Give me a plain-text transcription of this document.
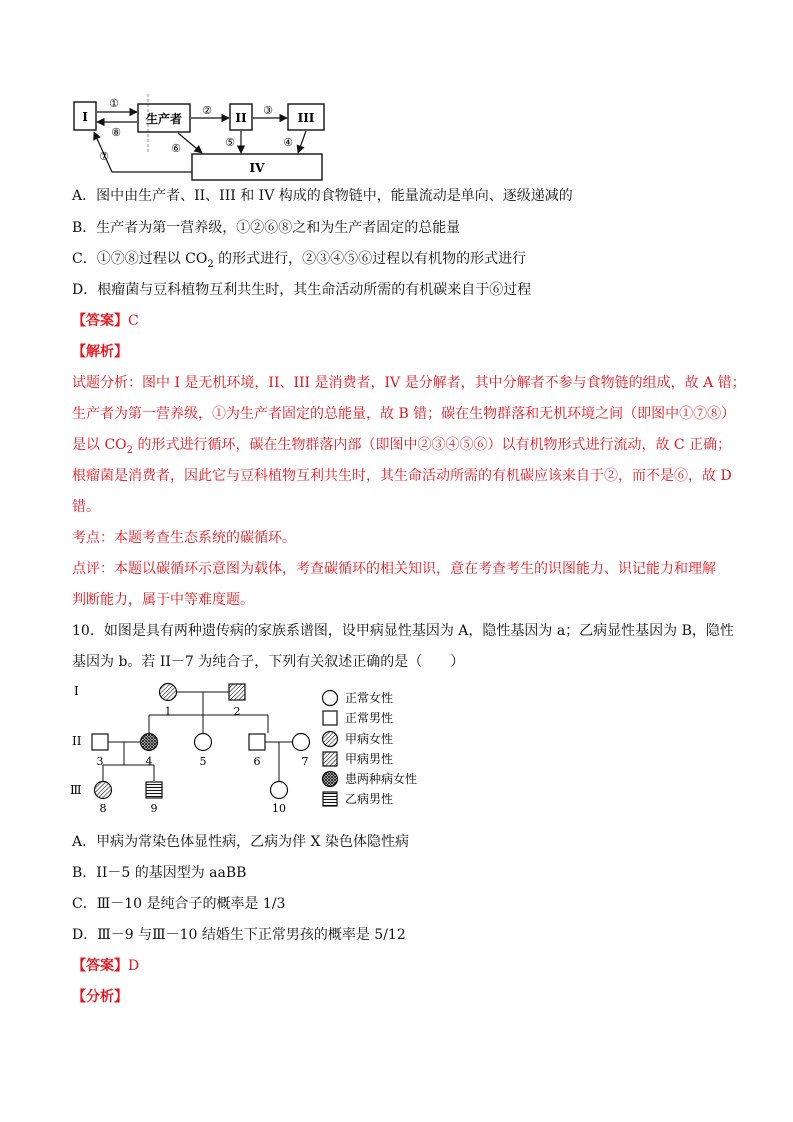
I	生产者	II	III
IV
①
⑧
②	③
⑤	④
⑥
⑦
A．图中由生产者、II、III 和 IV 构成的食物链中，能量流动是单向、逐级递减的
B．生产者为第一营养级，①②⑥⑧之和为生产者固定的总能量
C．①⑦⑧过程以 $CO_2$ 的形式进行，②③④⑤⑥过程以有机物的形式进行
D．根瘤菌与豆科植物互利共生时，其生命活动所需的有机碳来自于⑥过程
【答案】C
【解析】
试题分析：图中 I 是无机环境，II、III 是消费者，IV 是分解者，其中分解者不参与食物链的组成，故 A 错；
生产者为第一营养级，①为生产者固定的总能量，故 B 错；碳在生物群落和无机环境之间（即图中①⑦⑧）
是以 $CO_2$ 的形式进行循环，碳在生物群落内部（即图中②③④⑤⑥）以有机物形式进行流动，故 C 正确；
根瘤菌是消费者，因此它与豆科植物互利共生时，其生命活动所需的有机碳应该来自于②，而不是⑥，故 D
错。
考点：本题考查生态系统的碳循环。
点评：本题以碳循环示意图为载体，考查碳循环的相关知识，意在考查考生的识图能力、识记能力和理解
判断能力，属于中等难度题。
10．如图是具有两种遗传病的家族系谱图，设甲病显性基因为 A，隐性基因为 a；乙病显性基因为 B，隐性
基因为 b。若 II－7 为纯合子，下列有关叙述正确的是（　　）
I
II
Ⅲ
1	2
3	4	5	6	7
8	9	10
正常女性
正常男性
甲病女性
甲病男性
患两种病女性
乙病男性
A．甲病为常染色体显性病，乙病为伴 X 染色体隐性病
B．II－5 的基因型为 aaBB
C．Ⅲ－10 是纯合子的概率是 1/3
D．Ⅲ－9 与Ⅲ－10 结婚生下正常男孩的概率是 5/12
【答案】D
【分析】
